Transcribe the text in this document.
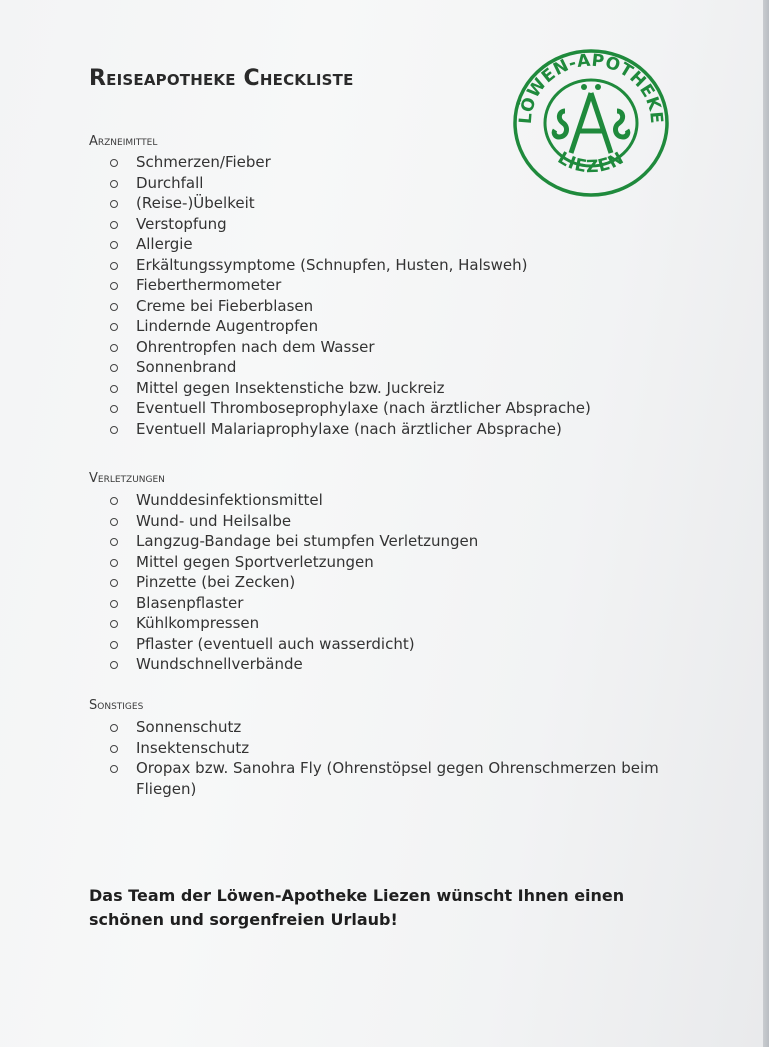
Reiseapotheke Checkliste
LÖWEN-APOTHEKE
LIEZEN
Arzneimittel
Schmerzen/Fieber
Durchfall
(Reise-)Übelkeit
Verstopfung
Allergie
Erkältungssymptome (Schnupfen, Husten, Halsweh)
Fieberthermometer
Creme bei Fieberblasen
Lindernde Augentropfen
Ohrentropfen nach dem Wasser
Sonnenbrand
Mittel gegen Insektenstiche bzw. Juckreiz
Eventuell Thromboseprophylaxe (nach ärztlicher Absprache)
Eventuell Malariaprophylaxe (nach ärztlicher Absprache)
Verletzungen
Wunddesinfektionsmittel
Wund- und Heilsalbe
Langzug-Bandage bei stumpfen Verletzungen
Mittel gegen Sportverletzungen
Pinzette (bei Zecken)
Blasenpflaster
Kühlkompressen
Pflaster (eventuell auch wasserdicht)
Wundschnellverbände
Sonstiges
Sonnenschutz
Insektenschutz
Oropax bzw. Sanohra Fly (Ohrenstöpsel gegen Ohrenschmerzen beim Fliegen)

Das Team der Löwen-Apotheke Liezen wünscht Ihnen einen schönen und sorgenfreien Urlaub!
